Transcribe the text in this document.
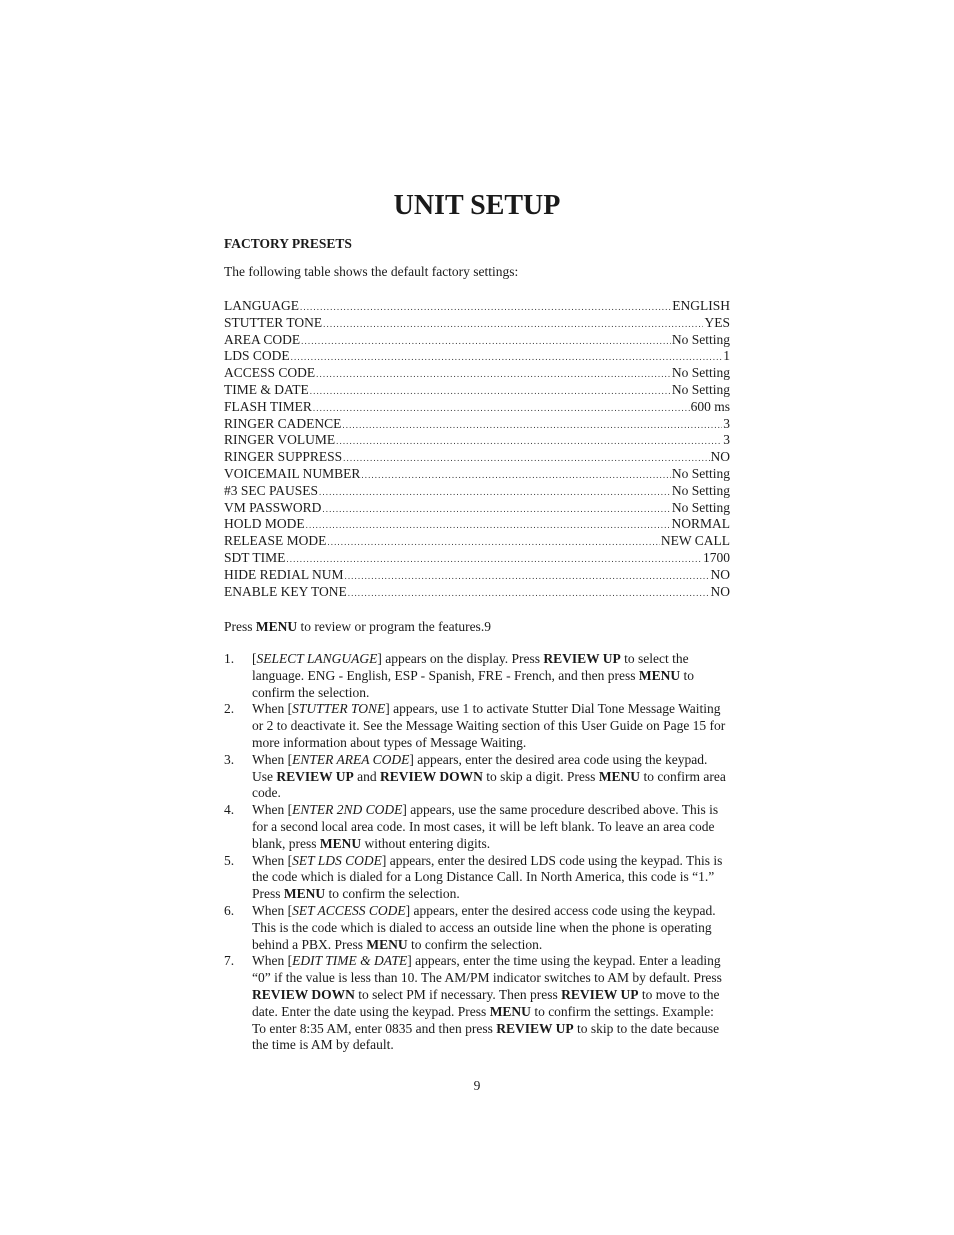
UNIT SETUP
FACTORY PRESETS
The following table shows the default factory settings:
LANGUAGE .....	ENGLISH
STUTTER TONE .....	YES
AREA CODE .....	No Setting
LDS CODE .....	1
ACCESS CODE .....	No Setting
TIME & DATE .....	No Setting
FLASH TIMER .....	600 ms
RINGER CADENCE .....	3
RINGER VOLUME .....	3
RINGER SUPPRESS .....	NO
VOICEMAIL NUMBER .....	No Setting
#3 SEC PAUSES .....	No Setting
VM PASSWORD .....	No Setting
HOLD MODE .....	NORMAL
RELEASE MODE .....	NEW CALL
SDT TIME .....	1700
HIDE REDIAL NUM .....	NO
ENABLE KEY TONE .....	NO
Press MENU to review or program the features.9
1. [SELECT LANGUAGE] appears on the display. Press REVIEW UP to select the language. ENG - English, ESP - Spanish, FRE - French, and then press MENU to confirm the selection.
2. When [STUTTER TONE] appears, use 1 to activate Stutter Dial Tone Message Waiting or 2 to deactivate it. See the Message Waiting section of this User Guide on Page 15 for more information about types of Message Waiting.
3. When [ENTER AREA CODE] appears, enter the desired area code using the keypad. Use REVIEW UP and REVIEW DOWN to skip a digit. Press MENU to confirm area code.
4. When [ENTER 2ND CODE] appears, use the same procedure described above. This is for a second local area code. In most cases, it will be left blank. To leave an area code blank, press MENU without entering digits.
5. When [SET LDS CODE] appears, enter the desired LDS code using the keypad. This is the code which is dialed for a Long Distance Call. In North America, this code is “1.” Press MENU to confirm the selection.
6. When [SET ACCESS CODE] appears, enter the desired access code using the keypad. This is the code which is dialed to access an outside line when the phone is operating behind a PBX. Press MENU to confirm the selection.
7. When [EDIT TIME & DATE] appears, enter the time using the keypad. Enter a leading “0” if the value is less than 10. The AM/PM indicator switches to AM by default. Press REVIEW DOWN to select PM if necessary. Then press REVIEW UP to move to the date. Enter the date using the keypad. Press MENU to confirm the settings. Example: To enter 8:35 AM, enter 0835 and then press REVIEW UP to skip to the date because the time is AM by default.
9
